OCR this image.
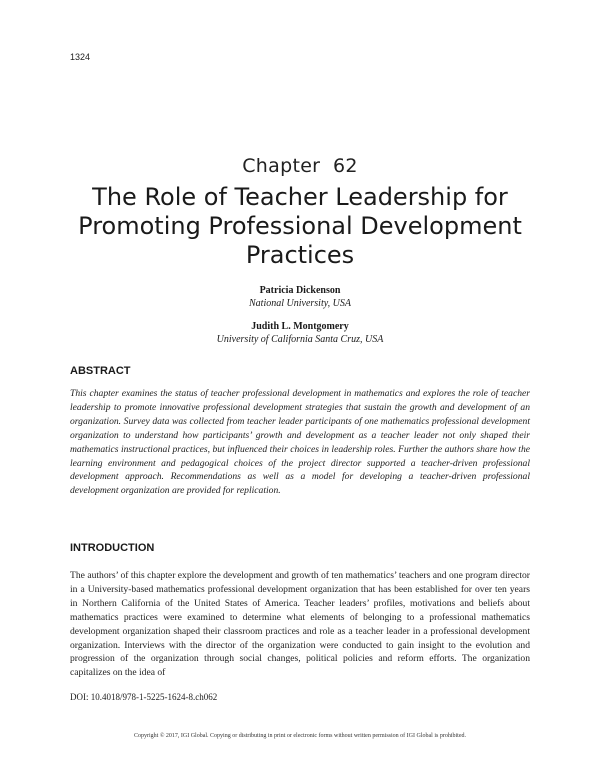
1324
Chapter  62
The Role of Teacher Leadership for Promoting Professional Development Practices
Patricia Dickenson
National University, USA
Judith L. Montgomery
University of California Santa Cruz, USA
ABSTRACT

This chapter examines the status of teacher professional development in mathematics and explores the role of teacher leadership to promote innovative professional development strategies that sustain the growth and development of an organization. Survey data was collected from teacher leader participants of one mathematics professional development organization to understand how participants’ growth and development as a teacher leader not only shaped their mathematics instructional practices, but influenced their choices in leadership roles. Further the authors share how the learning environment and pedagogical choices of the project director supported a teacher-driven professional development approach. Recommendations as well as a model for developing a teacher-driven professional development organization are provided for replication.

INTRODUCTION

The authors’ of this chapter explore the development and growth of ten mathematics’ teachers and one program director in a University-based mathematics professional development organization that has been established for over ten years in Northern California of the United States of America. Teacher leaders’ profiles, motivations and beliefs about mathematics practices were examined to determine what elements of belonging to a professional mathematics development organization shaped their classroom practices and role as a teacher leader in a professional development organization. Interviews with the director of the organization were conducted to gain insight to the evolution and progression of the organization through social changes, political policies and reform efforts. The organization capitalizes on the idea of

DOI: 10.4018/978-1-5225-1624-8.ch062
Copyright © 2017, IGI Global. Copying or distributing in print or electronic forms without written permission of IGI Global is prohibited.
